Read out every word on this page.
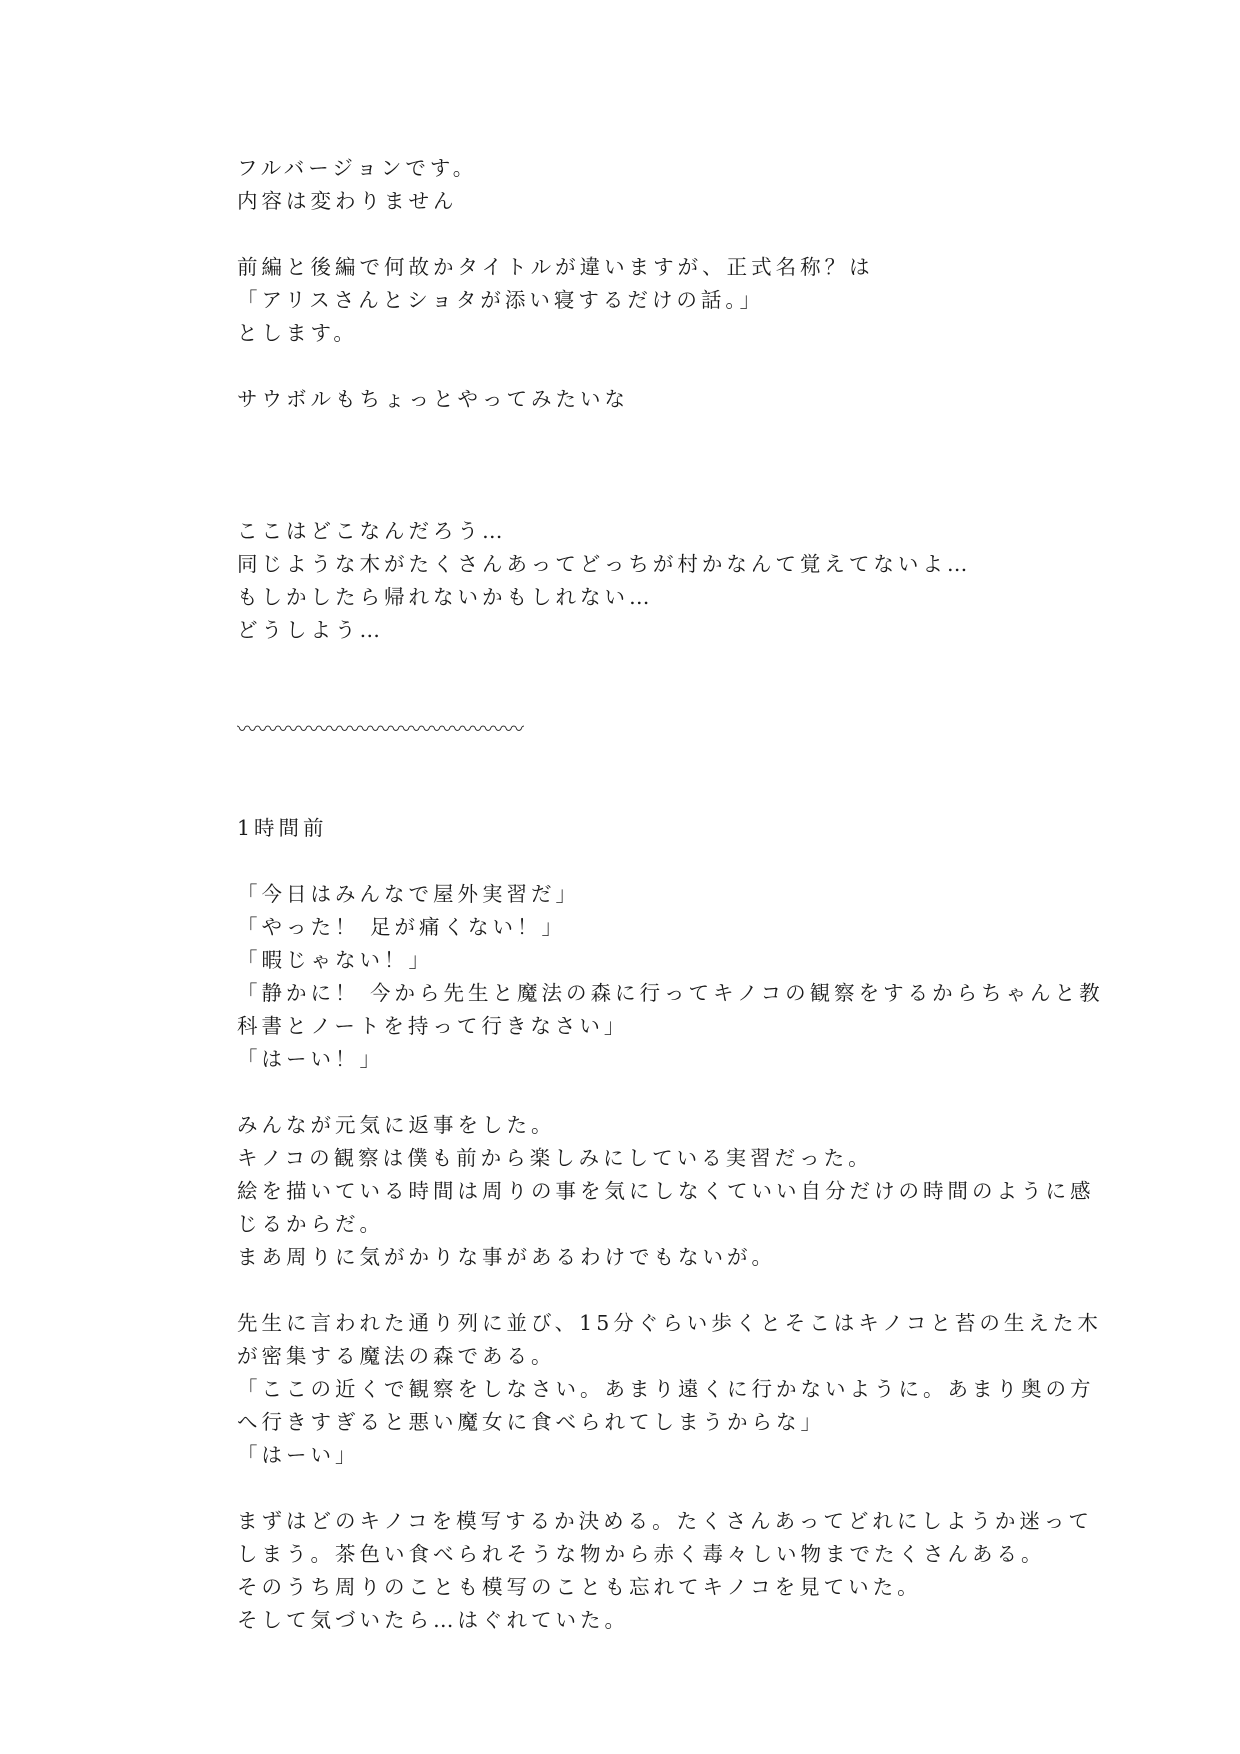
フルバージョンです。
内容は変わりません
前編と後編で何故かタイトルが違いますが、正式名称？は
「アリスさんとショタが添い寝するだけの話。」
とします。
サウボルもちょっとやってみたいな
ここはどこなんだろう…
同じような木がたくさんあってどっちが村かなんて覚えてないよ…
もしかしたら帰れないかもしれない…
どうしよう…
〰〰〰〰〰〰〰〰〰〰〰〰〰〰
1時間前
「今日はみんなで屋外実習だ」
「やった！ 足が痛くない！」
「暇じゃない！」
「静かに！ 今から先生と魔法の森に行ってキノコの観察をするからちゃんと教
科書とノートを持って行きなさい」
「はーい！」
みんなが元気に返事をした。
キノコの観察は僕も前から楽しみにしている実習だった。
絵を描いている時間は周りの事を気にしなくていい自分だけの時間のように感
じるからだ。
まあ周りに気がかりな事があるわけでもないが。
先生に言われた通り列に並び、15分ぐらい歩くとそこはキノコと苔の生えた木
が密集する魔法の森である。
「ここの近くで観察をしなさい。あまり遠くに行かないように。あまり奥の方
へ行きすぎると悪い魔女に食べられてしまうからな」
「はーい」
まずはどのキノコを模写するか決める。たくさんあってどれにしようか迷って
しまう。茶色い食べられそうな物から赤く毒々しい物までたくさんある。
そのうち周りのことも模写のことも忘れてキノコを見ていた。
そして気づいたら…はぐれていた。
